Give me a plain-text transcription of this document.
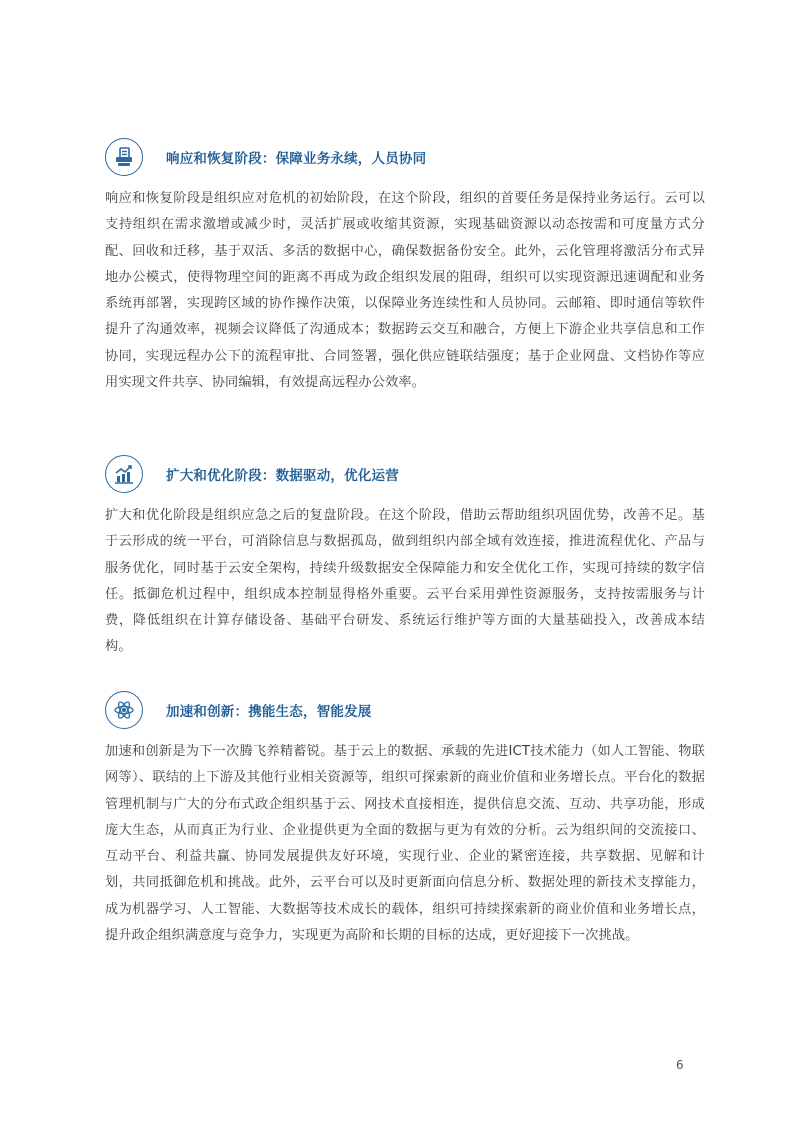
响应和恢复阶段：保障业务永续，人员协同

响应和恢复阶段是组织应对危机的初始阶段，在这个阶段，组织的首要任务是保持业务运行。云可以支持组织在需求激增或减少时，灵活扩展或收缩其资源，实现基础资源以动态按需和可度量方式分配、回收和迁移，基于双活、多活的数据中心，确保数据备份安全。此外，云化管理将激活分布式异地办公模式，使得物理空间的距离不再成为政企组织发展的阻碍，组织可以实现资源迅速调配和业务系统再部署，实现跨区域的协作操作决策，以保障业务连续性和人员协同。云邮箱、即时通信等软件提升了沟通效率，视频会议降低了沟通成本；数据跨云交互和融合，方便上下游企业共享信息和工作协同，实现远程办公下的流程审批、合同签署，强化供应链联结强度；基于企业网盘、文档协作等应用实现文件共享、协同编辑，有效提高远程办公效率。

扩大和优化阶段：数据驱动，优化运营

扩大和优化阶段是组织应急之后的复盘阶段。在这个阶段，借助云帮助组织巩固优势，改善不足。基于云形成的统一平台，可消除信息与数据孤岛，做到组织内部全域有效连接，推进流程优化、产品与服务优化，同时基于云安全架构，持续升级数据安全保障能力和安全优化工作，实现可持续的数字信任。抵御危机过程中，组织成本控制显得格外重要。云平台采用弹性资源服务，支持按需服务与计费，降低组织在计算存储设备、基础平台研发、系统运行维护等方面的大量基础投入，改善成本结构。

加速和创新：携能生态，智能发展

加速和创新是为下一次腾飞养精蓄锐。基于云上的数据、承载的先进ICT技术能力（如人工智能、物联网等）、联结的上下游及其他行业相关资源等，组织可探索新的商业价值和业务增长点。平台化的数据管理机制与广大的分布式政企组织基于云、网技术直接相连，提供信息交流、互动、共享功能，形成庞大生态，从而真正为行业、企业提供更为全面的数据与更为有效的分析。云为组织间的交流接口、互动平台、利益共赢、协同发展提供友好环境，实现行业、企业的紧密连接，共享数据、见解和计划，共同抵御危机和挑战。此外，云平台可以及时更新面向信息分析、数据处理的新技术支撑能力，成为机器学习、人工智能、大数据等技术成长的载体，组织可持续探索新的商业价值和业务增长点，提升政企组织满意度与竞争力，实现更为高阶和长期的目标的达成，更好迎接下一次挑战。

6
